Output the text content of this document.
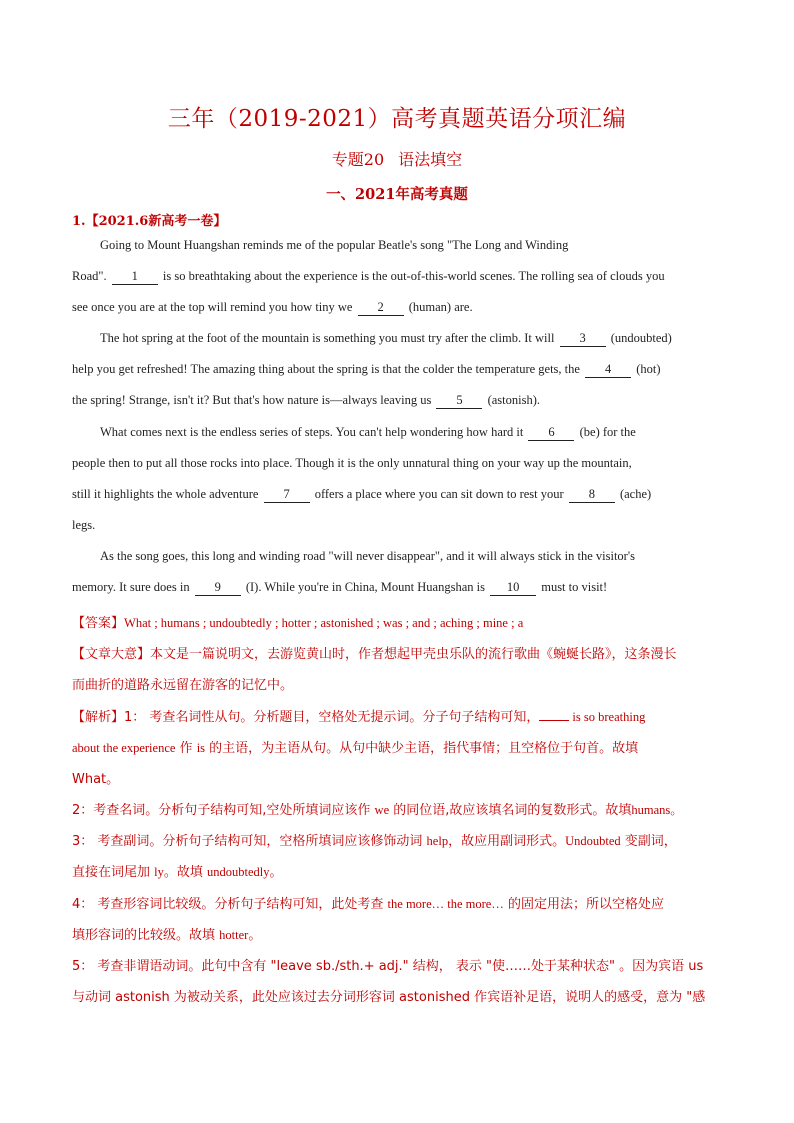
三年（2019-2021）高考真题英语分项汇编
专题20 语法填空
一、2021年高考真题
1.【2021.6新高考一卷】
Going to Mount Huangshan reminds me of the popular Beatle's song "The Long and Winding
Road". 1 is so breathtaking about the experience is the out-of-this-world scenes. The rolling sea of clouds you
see once you are at the top will remind you how tiny we 2 (human) are.
The hot spring at the foot of the mountain is something you must try after the climb. It will 3 (undoubted)
help you get refreshed! The amazing thing about the spring is that the colder the temperature gets, the 4 (hot)
the spring! Strange, isn't it? But that's how nature is—always leaving us 5 (astonish).
What comes next is the endless series of steps. You can't help wondering how hard it 6 (be) for the
people then to put all those rocks into place. Though it is the only unnatural thing on your way up the mountain,
still it highlights the whole adventure 7 offers a place where you can sit down to rest your 8 (ache)
legs.
As the song goes, this long and winding road "will never disappear", and it will always stick in the visitor's
memory. It sure does in 9 (I). While you're in China, Mount Huangshan is 10 must to visit!
【答案】What ; humans ; undoubtedly ; hotter ; astonished ; was ; and ; aching ; mine ; a
【文章大意】本文是一篇说明文，去游览黄山时，作者想起甲壳虫乐队的流行歌曲《蜿蜒长路》，这条漫长
而曲折的道路永远留在游客的记忆中。
【解析】1： 考查名词性从句。分析题目，空格处无提示词。分子句子结构可知，	is so breathing
about the experience 作 is 的主语，为主语从句。从句中缺少主语，指代事情；且空格位于句首。故填
What。
2：考查名词。分析句子结构可知,空处所填词应该作 we 的同位语,故应该填名词的复数形式。故填humans。
3： 考查副词。分析句子结构可知，空格所填词应该修饰动词 help，故应用副词形式。Undoubted 变副词，
直接在词尾加 ly。故填 undoubtedly。
4： 考查形容词比较级。分析句子结构可知，此处考查 the more… the more… 的固定用法；所以空格处应
填形容词的比较级。故填 hotter。
5： 考查非谓语动词。此句中含有 "leave sb./sth.+ adj." 结构， 表示 "使……处于某种状态" 。因为宾语 us
与动词 astonish 为被动关系，此处应该过去分词形容词 astonished 作宾语补足语，说明人的感受，意为 "感
